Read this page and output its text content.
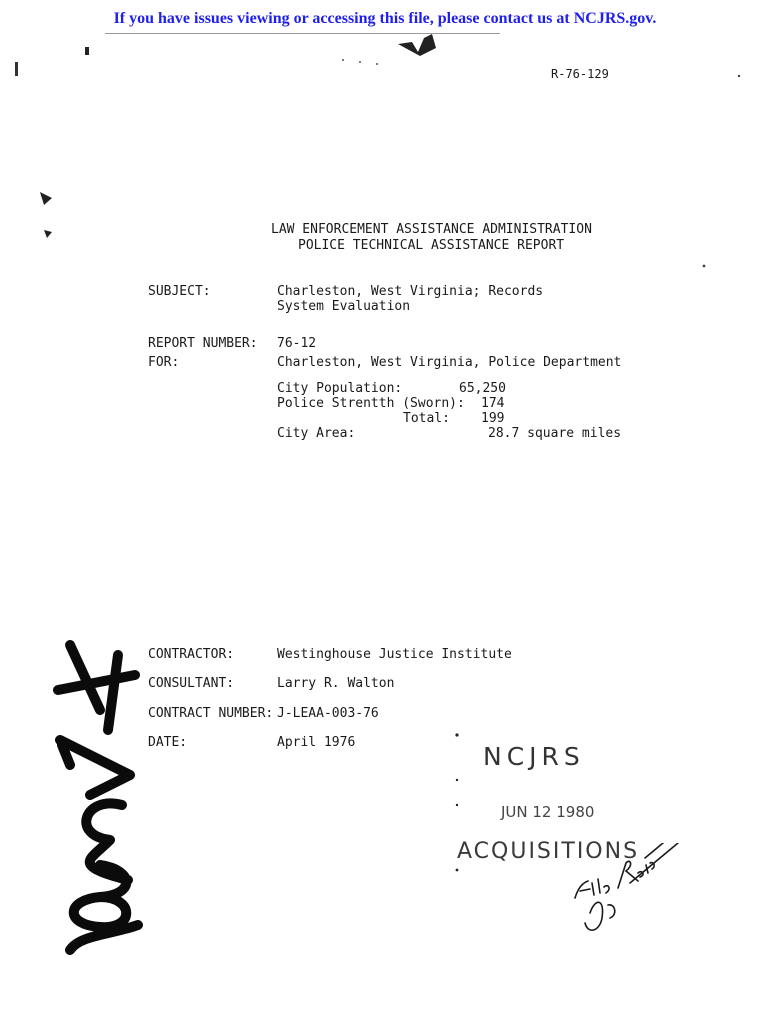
If you have issues viewing or accessing this file, please contact us at NCJRS.gov.
R-76-129
LAW ENFORCEMENT ASSISTANCE ADMINISTRATION
POLICE TECHNICAL ASSISTANCE REPORT
SUBJECT:	Charleston, West Virginia; Records
System Evaluation
REPORT NUMBER: 76-12
FOR:	Charleston, West Virginia, Police Department
City Population:	65,250
Police Strentth (Sworn): 174
Total: 199
City Area:	28.7 square miles
CONTRACTOR:	Westinghouse Justice Institute
CONSULTANT:	Larry R. Walton
CONTRACT NUMBER: J-LEAA-003-76
DATE:	April 1976	NCJRS
JUN 12 1980
ACQUISITIONS
